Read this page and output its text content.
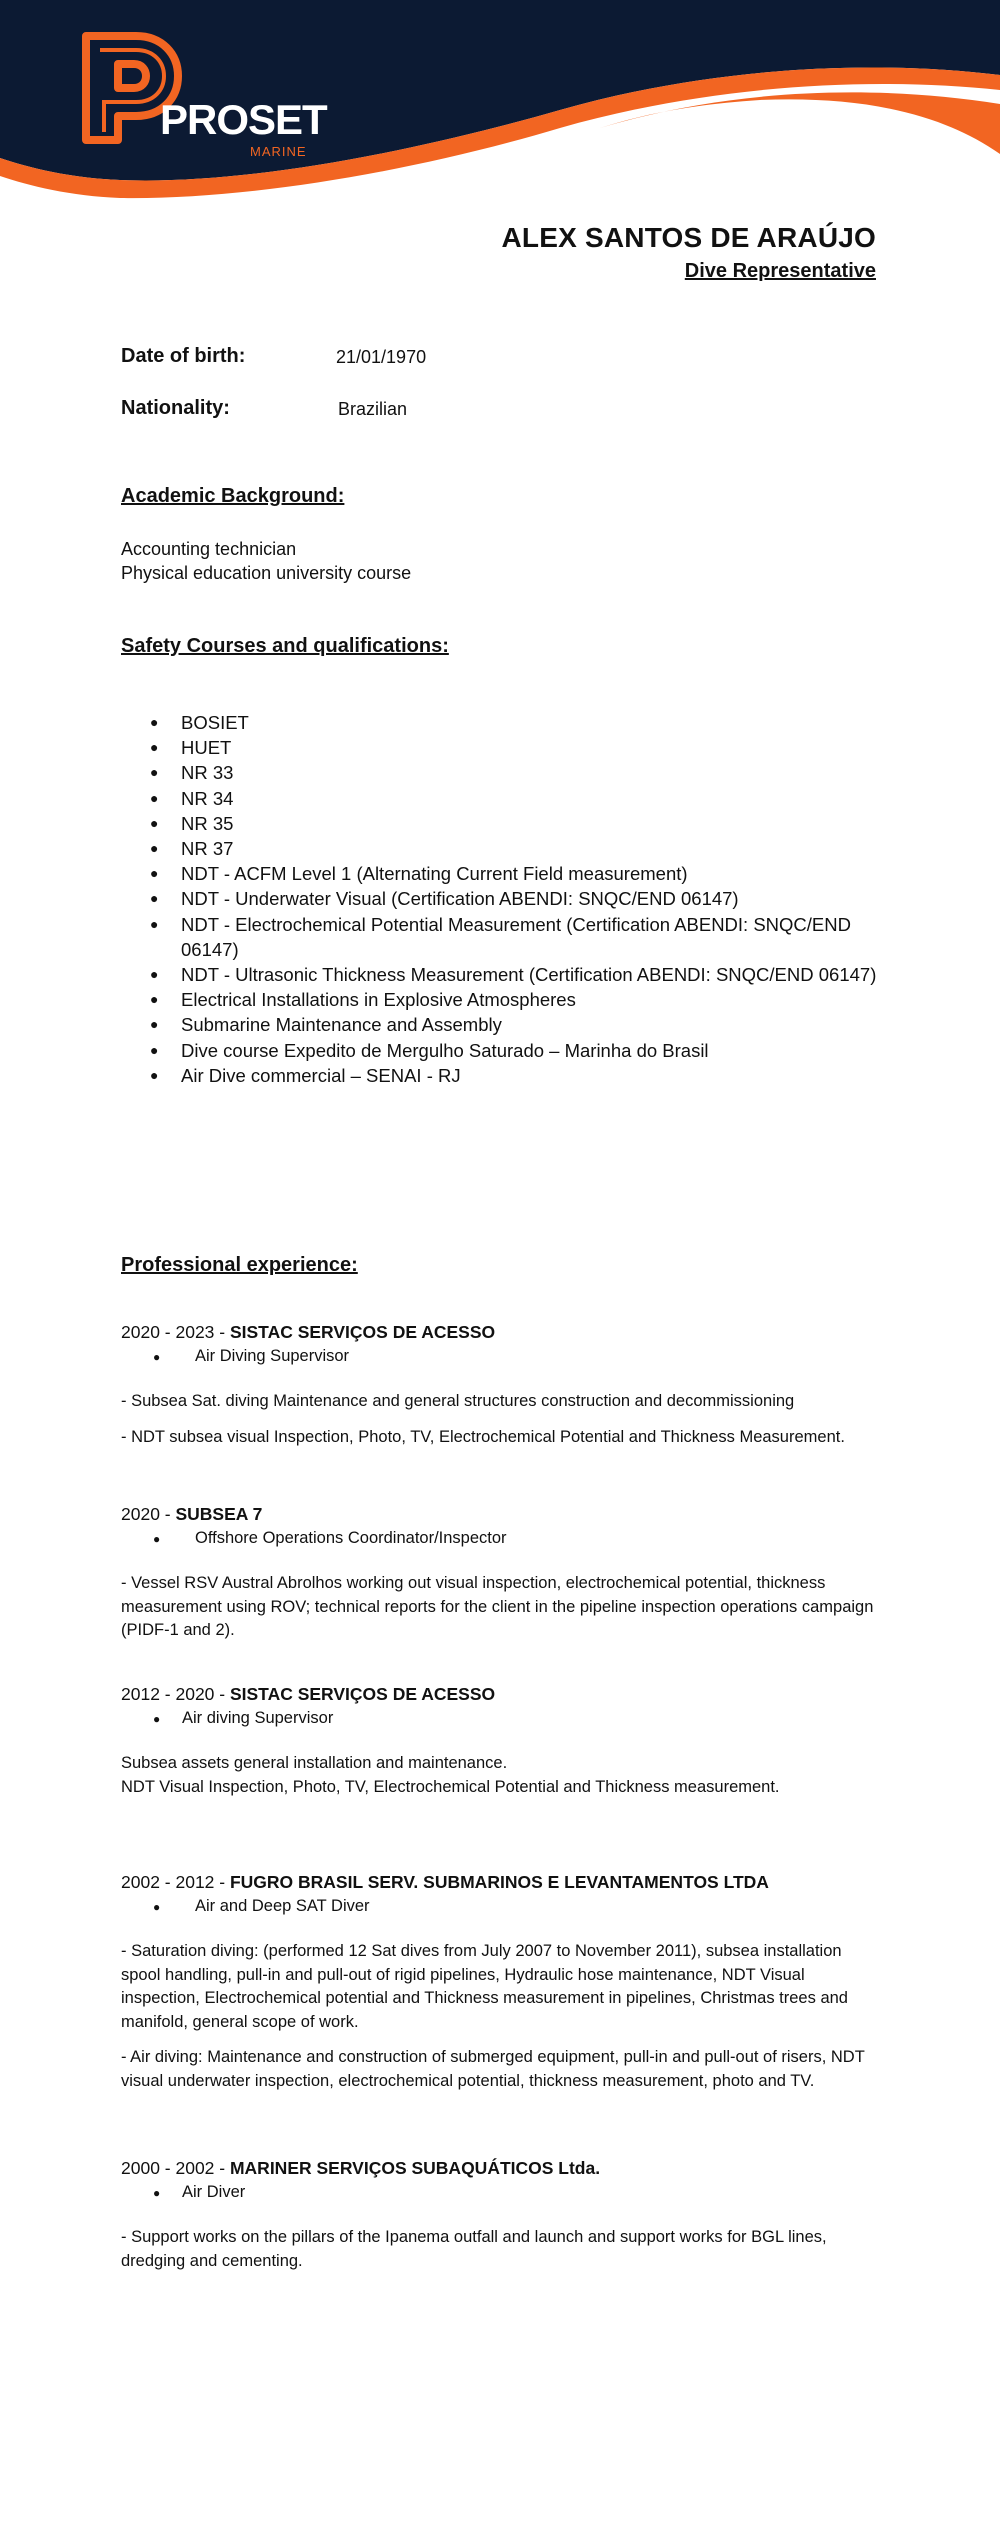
PROSET
MARINE
ALEX SANTOS DE ARAÚJO
Dive Representative
Date of birth:	21/01/1970
Nationality:	Brazilian
Academic Background:
Accounting technician
Physical education university course
Safety Courses and qualifications:
● BOSIET
● HUET
● NR 33
● NR 34
● NR 35
● NR 37
● NDT - ACFM Level 1 (Alternating Current Field measurement)
● NDT - Underwater Visual (Certification ABENDI: SNQC/END 06147)
● NDT - Electrochemical Potential Measurement (Certification ABENDI: SNQC/END 06147)
● NDT - Ultrasonic Thickness Measurement (Certification ABENDI: SNQC/END 06147)
● Electrical Installations in Explosive Atmospheres
● Submarine Maintenance and Assembly
● Dive course Expedito de Mergulho Saturado – Marinha do Brasil
● Air Dive commercial – SENAI - RJ
Professional experience:
2020 - 2023 - SISTAC SERVIÇOS DE ACESSO
● Air Diving Supervisor

- Subsea Sat. diving Maintenance and general structures construction and decommissioning

- NDT subsea visual Inspection, Photo, TV, Electrochemical Potential and Thickness Measurement.

2020 - SUBSEA 7
● Offshore Operations Coordinator/Inspector

- Vessel RSV Austral Abrolhos working out visual inspection, electrochemical potential, thickness measurement using ROV; technical reports for the client in the pipeline inspection operations campaign (PIDF-1 and 2).

2012 - 2020 - SISTAC SERVIÇOS DE ACESSO
● Air diving Supervisor

Subsea assets general installation and maintenance.

NDT Visual Inspection, Photo, TV, Electrochemical Potential and Thickness measurement.

2002 - 2012 - FUGRO BRASIL SERV. SUBMARINOS E LEVANTAMENTOS LTDA
● Air and Deep SAT Diver

- Saturation diving: (performed 12 Sat dives from July 2007 to November 2011), subsea installation spool handling, pull-in and pull-out of rigid pipelines, Hydraulic hose maintenance, NDT Visual inspection, Electrochemical potential and Thickness measurement in pipelines, Christmas trees and manifold, general scope of work.

- Air diving: Maintenance and construction of submerged equipment, pull-in and pull-out of risers, NDT visual underwater inspection, electrochemical potential, thickness measurement, photo and TV.

2000 - 2002 - MARINER SERVIÇOS SUBAQUÁTICOS Ltda.
● Air Diver

- Support works on the pillars of the Ipanema outfall and launch and support works for BGL lines, dredging and cementing.
